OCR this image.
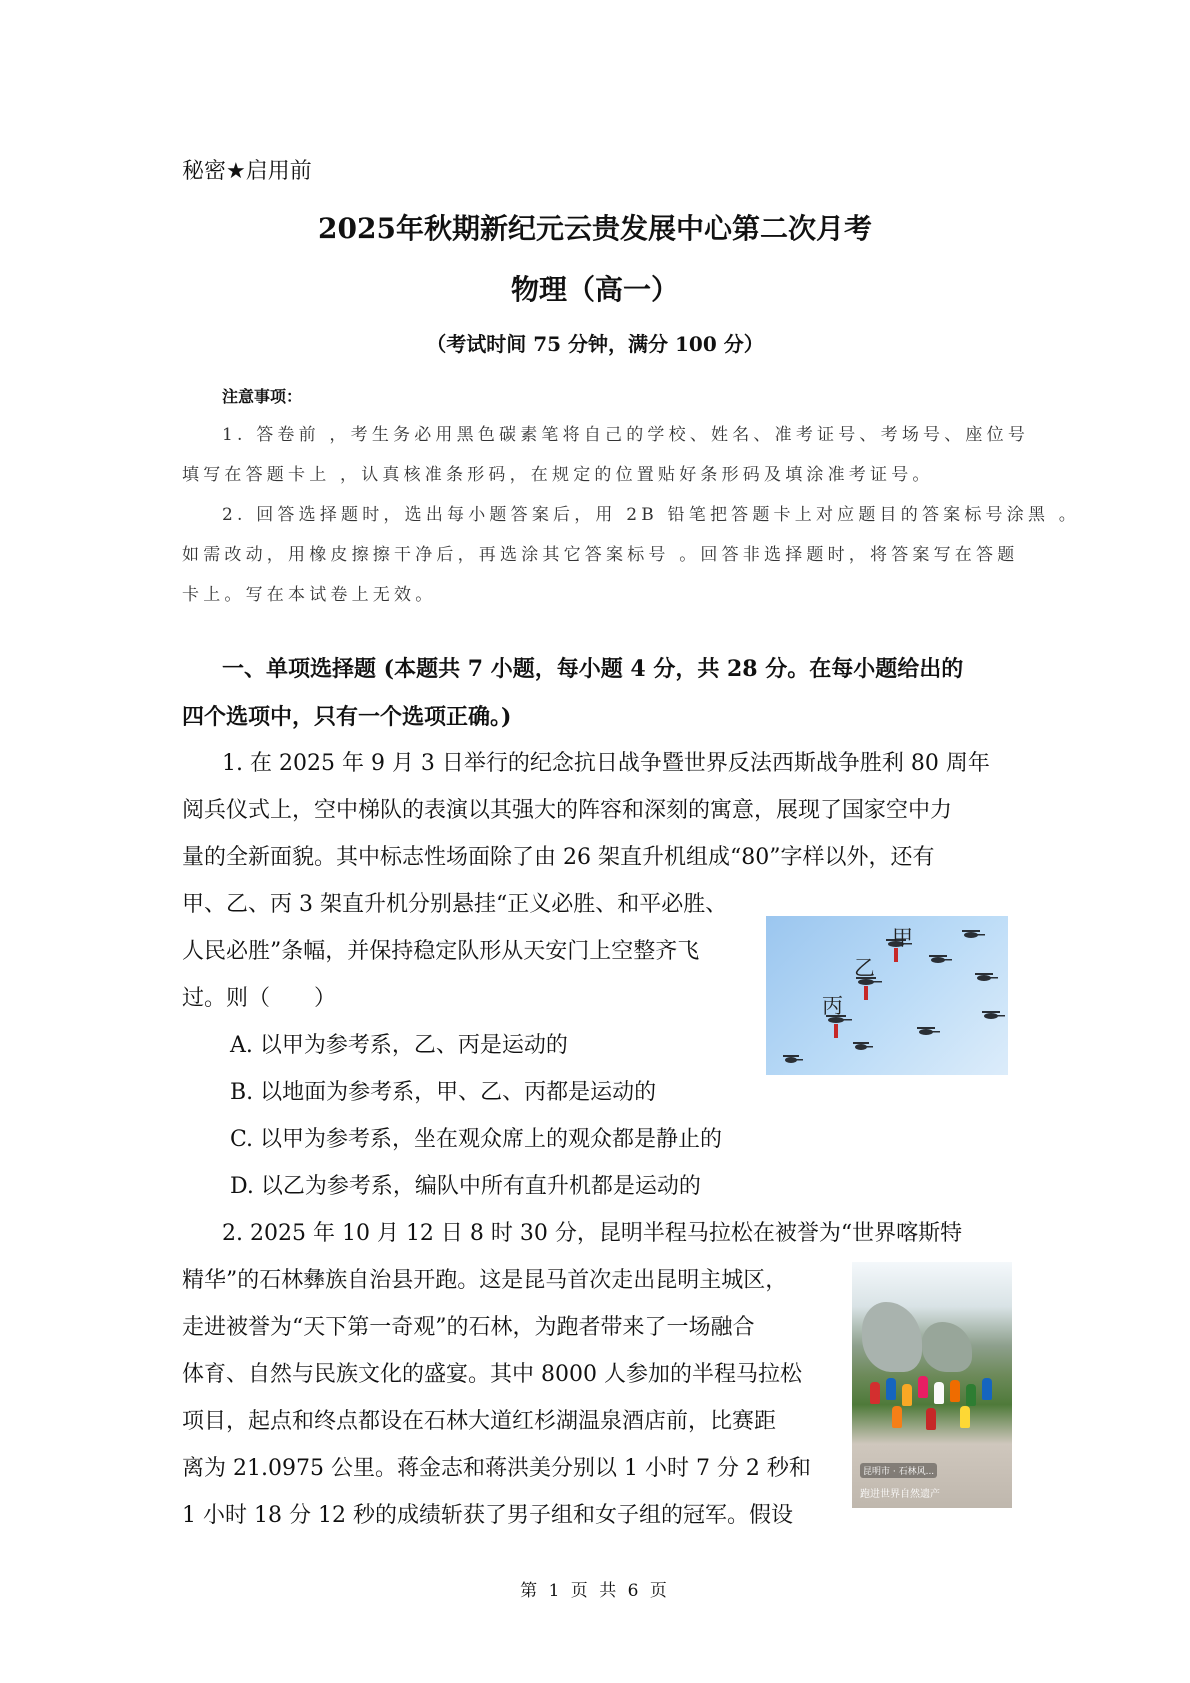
秘密★启用前
2025年秋期新纪元云贵发展中心第二次月考
物理（高一）
（考试时间 75 分钟，满分 100 分）
注意事项：
1. 答卷前 ，考生务必用黑色碳素笔将自己的学校、姓名、准考证号、考场号、座位号
填写在答题卡上 ，认真核准条形码，在规定的位置贴好条形码及填涂准考证号。
2. 回答选择题时，选出每小题答案后，用 2B 铅笔把答题卡上对应题目的答案标号涂黑 。
如需改动，用橡皮擦擦干净后，再选涂其它答案标号 。回答非选择题时，将答案写在答题
卡上。写在本试卷上无效。
一、单项选择题 (本题共 7 小题，每小题 4 分，共 28 分。在每小题给出的
四个选项中，只有一个选项正确。)
1. 在 2025 年 9 月 3 日举行的纪念抗日战争暨世界反法西斯战争胜利 80 周年
阅兵仪式上，空中梯队的表演以其强大的阵容和深刻的寓意，展现了国家空中力
量的全新面貌。其中标志性场面除了由 26 架直升机组成“80”字样以外，还有
甲、乙、丙 3 架直升机分别悬挂“正义必胜、和平必胜、
人民必胜”条幅，并保持稳定队形从天安门上空整齐飞
过。则（　　）
A. 以甲为参考系，乙、丙是运动的
B. 以地面为参考系，甲、乙、丙都是运动的
C. 以甲为参考系，坐在观众席上的观众都是静止的
D. 以乙为参考系，编队中所有直升机都是运动的
甲
乙
丙
2. 2025 年 10 月 12 日 8 时 30 分，昆明半程马拉松在被誉为“世界喀斯特
精华”的石林彝族自治县开跑。这是昆马首次走出昆明主城区，
走进被誉为“天下第一奇观”的石林，为跑者带来了一场融合
体育、自然与民族文化的盛宴。其中 8000 人参加的半程马拉松
项目，起点和终点都设在石林大道红杉湖温泉酒店前，比赛距
离为 21.0975 公里。蒋金志和蒋洪美分别以 1 小时 7 分 2 秒和
1 小时 18 分 12 秒的成绩斩获了男子组和女子组的冠军。假设
昆明市 · 石林风...
跑进世界自然遗产
第 1 页 共 6 页
